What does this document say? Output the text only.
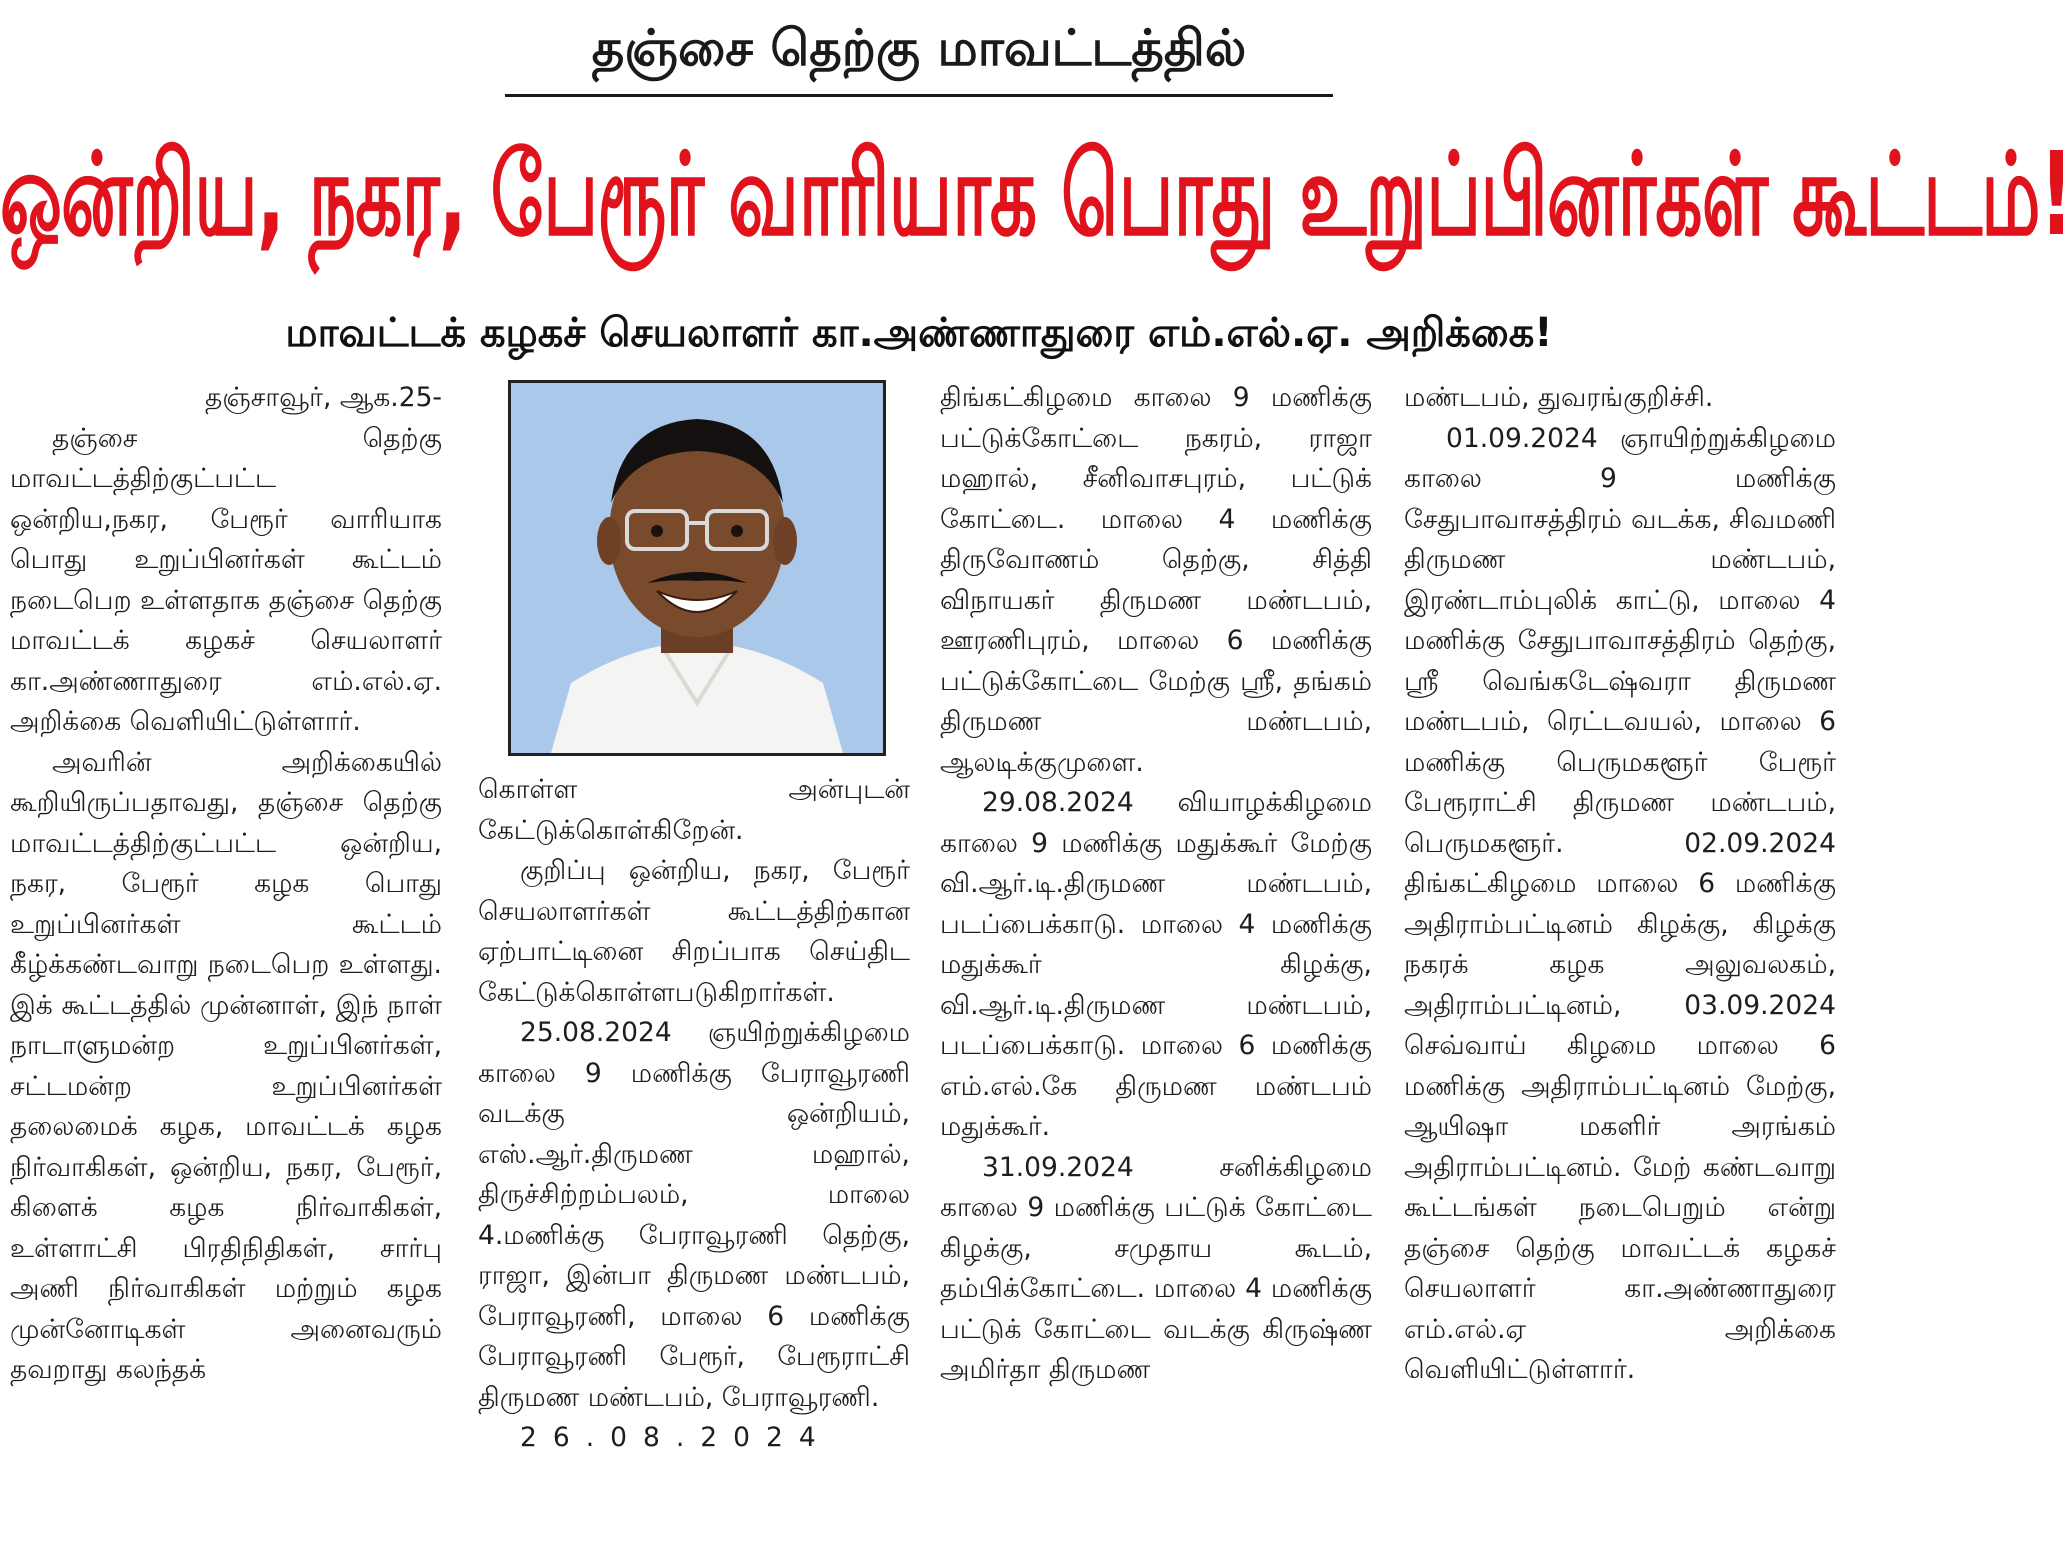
தஞ்சை தெற்கு மாவட்டத்தில்
ஒன்றிய, நகர, பேரூர் வாரியாக பொது உறுப்பினர்கள் கூட்டம்!
மாவட்டக் கழகச் செயலாளர் கா.அண்ணாதுரை எம்.எல்.ஏ. அறிக்கை!

தஞ்சாவூர், ஆக.25-

தஞ்சை தெற்கு மாவட்டத்திற்குட்பட்ட ஒன்றிய,நகர, பேரூர் வாரியாக பொது உறுப்பினர்கள் கூட்டம் நடைபெற உள்ளதாக தஞ்சை தெற்கு மாவட்டக் கழகச் செயலாளர் கா.அண்ணாதுரை எம்.எல்.ஏ. அறிக்கை வெளியிட்டுள்ளார்.

அவரின் அறிக்கையில் கூறியிருப்பதாவது, தஞ்சை தெற்கு மாவட்டத்திற்குட்பட்ட ஒன்றிய, நகர, பேரூர் கழக பொது உறுப்பினர்கள் கூட்டம் கீழ்க்கண்டவாறு நடைபெற உள்ளது. இக் கூட்டத்தில் முன்னாள், இந் நாள் நாடாளுமன்ற உறுப்பினர்கள், சட்டமன்ற உறுப்பினர்கள் தலைமைக் கழக, மாவட்டக் கழக நிர்வாகிகள், ஒன்றிய, நகர, பேரூர், கிளைக் கழக நிர்வாகிகள், உள்ளாட்சி பிரதிநிதிகள், சார்பு அணி நிர்வாகிகள் மற்றும் கழக முன்னோடிகள் அனைவரும் தவறாது கலந்தக்

கொள்ள அன்புடன் கேட்டுக்கொள்கிறேன்.

குறிப்பு ஒன்றிய, நகர, பேரூர் செயலாளர்கள் கூட்டத்திற்கான ஏற்பாட்டினை சிறப்பாக செய்திட கேட்டுக்கொள்ளபடுகிறார்கள்.

25.08.2024 ஞயிற்றுக்கிழமை காலை 9 மணிக்கு பேராவூரணி வடக்கு ஒன்றியம், எஸ்.ஆர்.திருமண மஹால், திருச்சிற்றம்பலம், மாலை 4.மணிக்கு பேராவூரணி தெற்கு, ராஜா, இன்பா திருமண மண்டபம், பேராவூரணி, மாலை 6 மணிக்கு பேராவூரணி பேரூர், பேரூராட்சி திருமண மண்டபம், பேராவூரணி.

26.08.2024

திங்கட்கிழமை காலை 9 மணிக்கு பட்டுக்கோட்டை நகரம், ராஜா மஹால், சீனிவாசபுரம், பட்டுக் கோட்டை. மாலை 4 மணிக்கு திருவோணம் தெற்கு, சித்தி விநாயகர் திருமண மண்டபம், ஊரணிபுரம், மாலை 6 மணிக்கு பட்டுக்கோட்டை மேற்கு ஸ்ரீ, தங்கம் திருமண மண்டபம், ஆலடிக்குமுளை.

29.08.2024 வியாழக்கிழமை காலை 9 மணிக்கு மதுக்கூர் மேற்கு வி.ஆர்.டி.திருமண மண்டபம், படப்பைக்காடு. மாலை 4 மணிக்கு மதுக்கூர் கிழக்கு, வி.ஆர்.டி.திருமண மண்டபம், படப்பைக்காடு. மாலை 6 மணிக்கு எம்.எல்.கே திருமண மண்டபம் மதுக்கூர்.

31.09.2024 சனிக்கிழமை காலை 9 மணிக்கு பட்டுக் கோட்டை கிழக்கு, சமுதாய கூடம், தம்பிக்கோட்டை. மாலை 4 மணிக்கு பட்டுக் கோட்டை வடக்கு கிருஷ்ண அமிர்தா திருமண

மண்டபம், துவரங்குறிச்சி.

01.09.2024 ஞாயிற்றுக்கிழமை காலை 9 மணிக்கு சேதுபாவாசத்திரம் வடக்க, சிவமணி திருமண மண்டபம், இரண்டாம்புலிக் காட்டு, மாலை 4 மணிக்கு சேதுபாவாசத்திரம் தெற்கு, ஸ்ரீ வெங்கடேஷ்வரா திருமண மண்டபம், ரெட்டவயல், மாலை 6 மணிக்கு பெருமகளூர் பேரூர் பேரூராட்சி திருமண மண்டபம், பெருமகளூர். 02.09.2024 திங்கட்கிழமை மாலை 6 மணிக்கு அதிராம்பட்டினம் கிழக்கு, கிழக்கு நகரக் கழக அலுவலகம், அதிராம்பட்டினம், 03.09.2024 செவ்வாய் கிழமை மாலை 6 மணிக்கு அதிராம்பட்டினம் மேற்கு, ஆயிஷா மகளிர் அரங்கம் அதிராம்பட்டினம். மேற் கண்டவாறு கூட்டங்கள் நடைபெறும் என்று தஞ்சை தெற்கு மாவட்டக் கழகச் செயலாளர் கா.அண்ணாதுரை எம்.எல்.ஏ அறிக்கை வெளியிட்டுள்ளார்.
